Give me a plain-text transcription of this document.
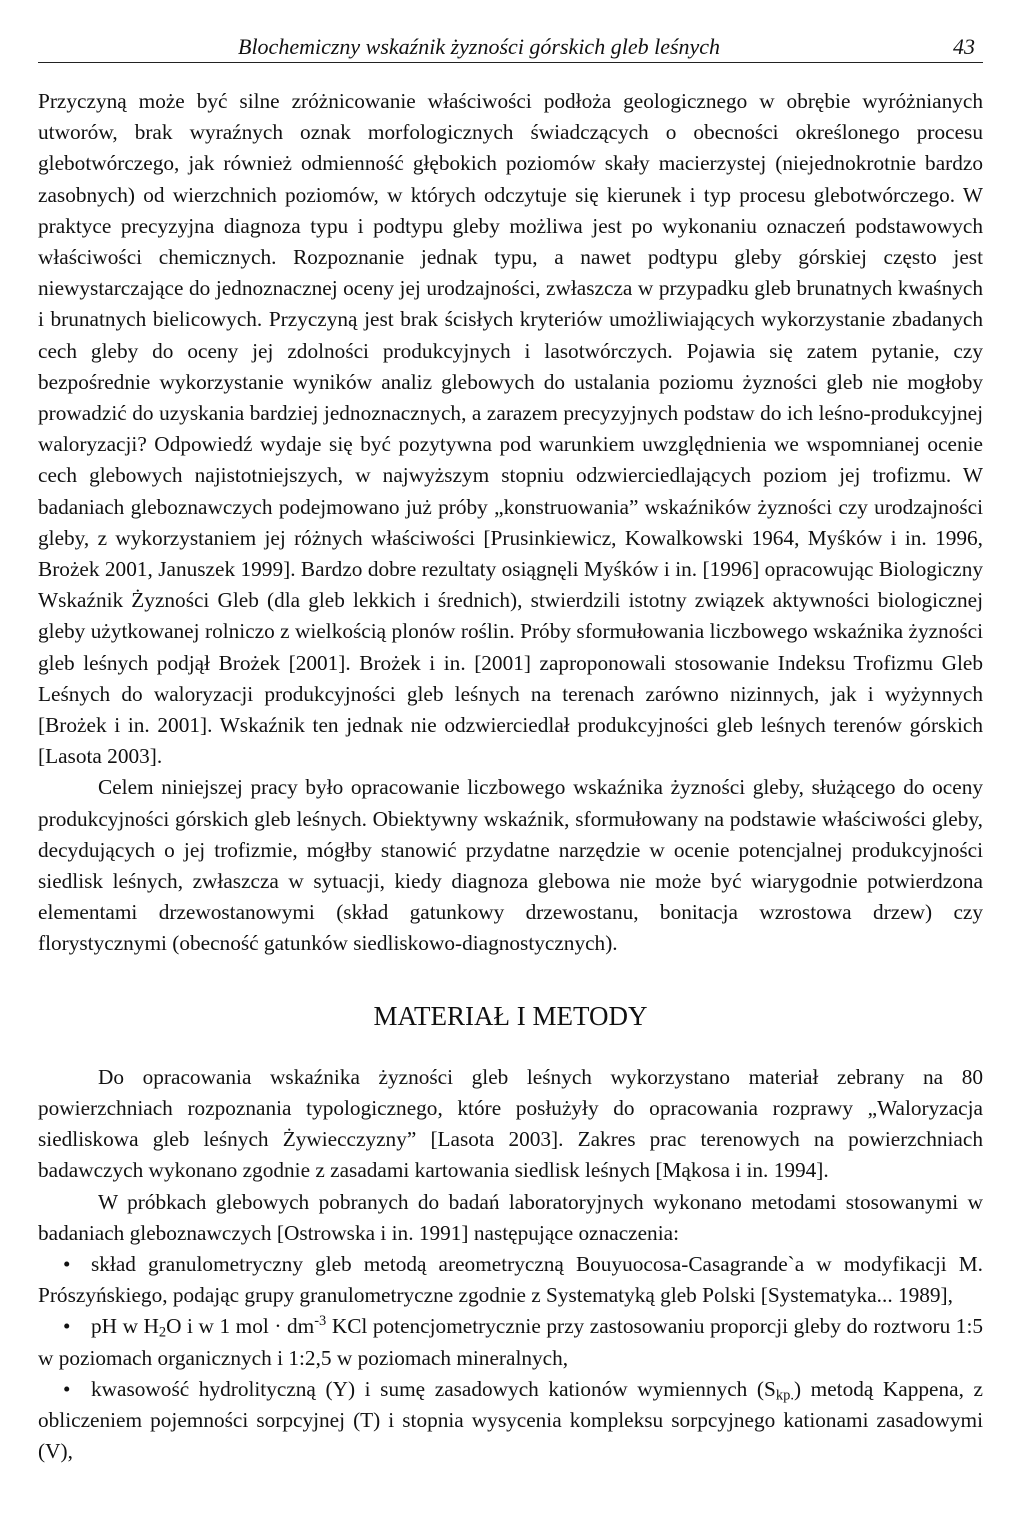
Blochemiczny wskaźnik żyzności górskich gleb leśnych	43

Przyczyną może być silne zróżnicowanie właściwości podłoża geologicznego w obrębie wyróżnianych utworów, brak wyraźnych oznak morfologicznych świadczących o obecności określonego procesu glebotwórczego, jak również odmienność głębokich poziomów skały macierzystej (niejednokrotnie bardzo zasobnych) od wierzchnich poziomów, w których odczytuje się kierunek i typ procesu glebotwórczego. W praktyce precyzyjna diagnoza typu i podtypu gleby możliwa jest po wykonaniu oznaczeń podstawowych właściwości chemicznych. Rozpoznanie jednak typu, a nawet podtypu gleby górskiej często jest niewystarczające do jednoznacznej oceny jej urodzajności, zwłaszcza w przypadku gleb brunatnych kwaśnych i brunatnych bielicowych. Przyczyną jest brak ścisłych kryteriów umożliwiających wykorzystanie zbadanych cech gleby do oceny jej zdolności produkcyjnych i lasotwórczych. Pojawia się zatem pytanie, czy bezpośrednie wykorzystanie wyników analiz glebowych do ustalania poziomu żyzności gleb nie mogłoby prowadzić do uzyskania bardziej jednoznacznych, a zarazem precyzyjnych podstaw do ich leśno-produkcyjnej waloryzacji? Odpowiedź wydaje się być pozytywna pod warunkiem uwzględnienia we wspomnianej ocenie cech glebowych najistotniejszych, w najwyższym stopniu odzwierciedlających poziom jej trofizmu. W badaniach gleboznawczych podejmowano już próby „konstruowania” wskaźników żyzności czy urodzajności gleby, z wykorzystaniem jej różnych właściwości [Prusinkiewicz, Kowalkowski 1964, Myśków i in. 1996, Brożek 2001, Januszek 1999]. Bardzo dobre rezultaty osiągnęli Myśków i in. [1996] opracowując Biologiczny Wskaźnik Żyzności Gleb (dla gleb lekkich i średnich), stwierdzili istotny związek aktywności biologicznej gleby użytkowanej rolniczo z wielkością plonów roślin. Próby sformułowania liczbowego wskaźnika żyzności gleb leśnych podjął Brożek [2001]. Brożek i in. [2001] zaproponowali stosowanie Indeksu Trofizmu Gleb Leśnych do waloryzacji produkcyjności gleb leśnych na terenach zarówno nizinnych, jak i wyżynnych [Brożek i in. 2001]. Wskaźnik ten jednak nie odzwierciedlał produkcyjności gleb leśnych terenów górskich [Lasota 2003].

Celem niniejszej pracy było opracowanie liczbowego wskaźnika żyzności gleby, służącego do oceny produkcyjności górskich gleb leśnych. Obiektywny wskaźnik, sformułowany na podstawie właściwości gleby, decydujących o jej trofizmie, mógłby stanowić przydatne narzędzie w ocenie potencjalnej produkcyjności siedlisk leśnych, zwłaszcza w sytuacji, kiedy diagnoza glebowa nie może być wiarygodnie potwierdzona elementami drzewostanowymi (skład gatunkowy drzewostanu, bonitacja wzrostowa drzew) czy florystycznymi (obecność gatunków siedliskowo-diagnostycznych).

MATERIAŁ I METODY

Do opracowania wskaźnika żyzności gleb leśnych wykorzystano materiał zebrany na 80 powierzchniach rozpoznania typologicznego, które posłużyły do opracowania rozprawy „Waloryzacja siedliskowa gleb leśnych Żywiecczyzny” [Lasota 2003]. Zakres prac terenowych na powierzchniach badawczych wykonano zgodnie z zasadami kartowania siedlisk leśnych [Mąkosa i in. 1994].

W próbkach glebowych pobranych do badań laboratoryjnych wykonano metodami stosowanymi w badaniach gleboznawczych [Ostrowska i in. 1991] następujące oznaczenia:

• skład granulometryczny gleb metodą areometryczną Bouyuocosa-Casagrande`a w modyfikacji M. Prószyńskiego, podając grupy granulometryczne zgodnie z Systematyką gleb Polski [Systematyka... 1989],
• pH w $H_2O$ i w 1 mol · $dm^{-3}$ KCl potencjometrycznie przy zastosowaniu proporcji gleby do roztworu 1:5 w poziomach organicznych i 1:2,5 w poziomach mineralnych,
• kwasowość hydrolityczną (Y) i sumę zasadowych kationów wymiennych $(S_{kp.})$ metodą Kappena, z obliczeniem pojemności sorpcyjnej (T) i stopnia wysycenia kompleksu sorpcyjnego kationami zasadowymi (V),
